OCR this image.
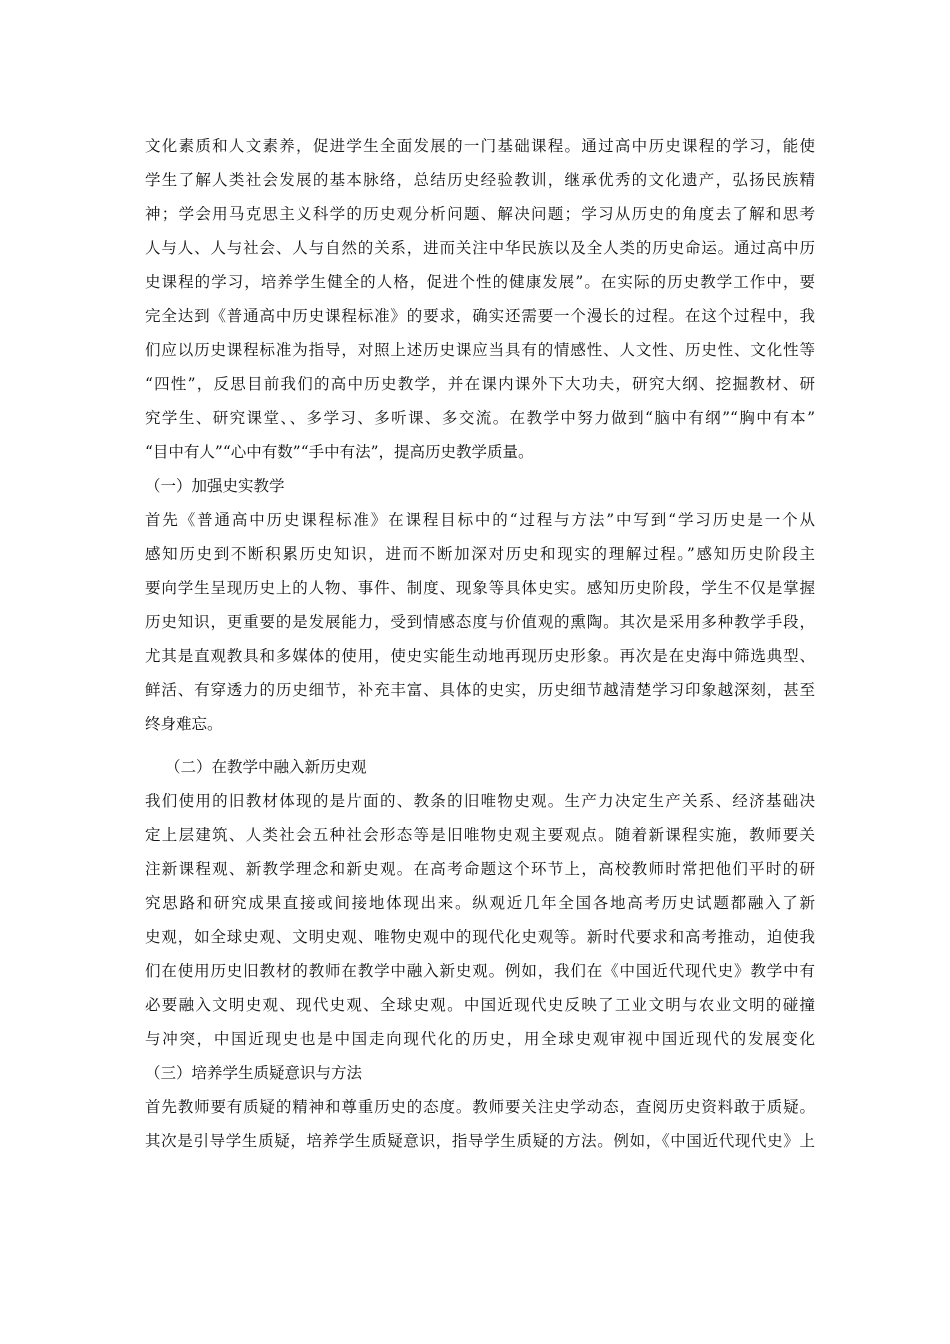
文化素质和人文素养，促进学生全面发展的一门基础课程。通过高中历史课程的学习，能使
学生了解人类社会发展的基本脉络，总结历史经验教训，继承优秀的文化遗产，弘扬民族精
神；学会用马克思主义科学的历史观分析问题、解决问题；学习从历史的角度去了解和思考
人与人、人与社会、人与自然的关系，进而关注中华民族以及全人类的历史命运。通过高中历
史课程的学习，培养学生健全的人格，促进个性的健康发展”。在实际的历史教学工作中，要
完全达到《普通高中历史课程标准》的要求，确实还需要一个漫长的过程。在这个过程中，我
们应以历史课程标准为指导，对照上述历史课应当具有的情感性、人文性、历史性、文化性等
“四性”，反思目前我们的高中历史教学，并在课内课外下大功夫，研究大纲、挖掘教材、研
究学生、研究课堂、、多学习、多听课、多交流。在教学中努力做到“脑中有纲”“胸中有本”
“目中有人”“心中有数”“手中有法”，提高历史教学质量。
（一）加强史实教学
首先《普通高中历史课程标准》在课程目标中的“过程与方法”中写到“学习历史是一个从
感知历史到不断积累历史知识，进而不断加深对历史和现实的理解过程。”感知历史阶段主
要向学生呈现历史上的人物、事件、制度、现象等具体史实。感知历史阶段，学生不仅是掌握
历史知识，更重要的是发展能力，受到情感态度与价值观的熏陶。其次是采用多种教学手段，
尤其是直观教具和多媒体的使用，使史实能生动地再现历史形象。再次是在史海中筛选典型、
鲜活、有穿透力的历史细节，补充丰富、具体的史实，历史细节越清楚学习印象越深刻，甚至
终身难忘。
（二）在教学中融入新历史观
我们使用的旧教材体现的是片面的、教条的旧唯物史观。生产力决定生产关系、经济基础决
定上层建筑、人类社会五种社会形态等是旧唯物史观主要观点。随着新课程实施，教师要关
注新课程观、新教学理念和新史观。在高考命题这个环节上，高校教师时常把他们平时的研
究思路和研究成果直接或间接地体现出来。纵观近几年全国各地高考历史试题都融入了新
史观，如全球史观、文明史观、唯物史观中的现代化史观等。新时代要求和高考推动，迫使我
们在使用历史旧教材的教师在教学中融入新史观。例如，我们在《中国近代现代史》教学中有
必要融入文明史观、现代史观、全球史观。中国近现代史反映了工业文明与农业文明的碰撞
与冲突，中国近现史也是中国走向现代化的历史，用全球史观审视中国近现代的发展变化
（三）培养学生质疑意识与方法
首先教师要有质疑的精神和尊重历史的态度。教师要关注史学动态，查阅历史资料敢于质疑。
其次是引导学生质疑，培养学生质疑意识，指导学生质疑的方法。例如，《中国近代现代史》上
